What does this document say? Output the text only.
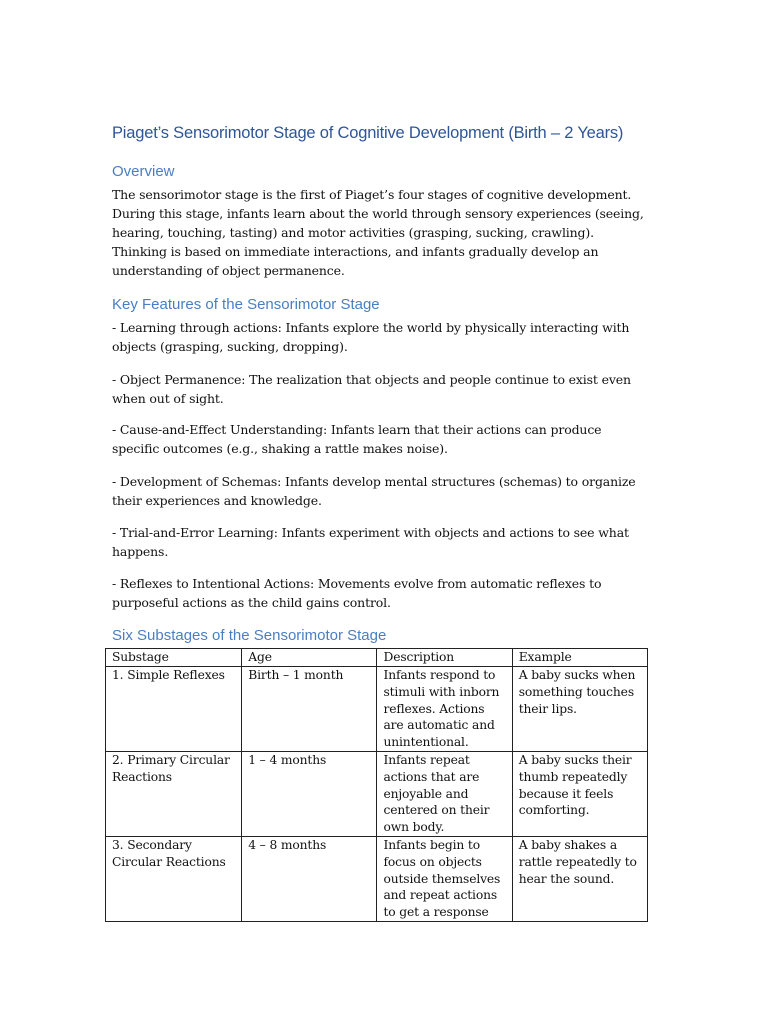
Piaget’s Sensorimotor Stage of Cognitive Development (Birth – 2 Years)
Overview

The sensorimotor stage is the first of Piaget’s four stages of cognitive development. During this stage, infants learn about the world through sensory experiences (seeing, hearing, touching, tasting) and motor activities (grasping, sucking, crawling). Thinking is based on immediate interactions, and infants gradually develop an understanding of object permanence.

Key Features of the Sensorimotor Stage

- Learning through actions: Infants explore the world by physically interacting with objects (grasping, sucking, dropping).

- Object Permanence: The realization that objects and people continue to exist even when out of sight.

- Cause-and-Effect Understanding: Infants learn that their actions can produce specific outcomes (e.g., shaking a rattle makes noise).

- Development of Schemas: Infants develop mental structures (schemas) to organize their experiences and knowledge.

- Trial-and-Error Learning: Infants experiment with objects and actions to see what happens.

- Reflexes to Intentional Actions: Movements evolve from automatic reflexes to purposeful actions as the child gains control.

Six Substages of the Sensorimotor Stage
Substage	Age	Description	Example
1. Simple Reflexes	Birth – 1 month	Infants respond to stimuli with inborn reflexes. Actions are automatic and unintentional.	A baby sucks when something touches their lips.
2. Primary Circular Reactions	1 – 4 months	Infants repeat actions that are enjoyable and centered on their own body.	A baby sucks their thumb repeatedly because it feels comforting.
3. Secondary Circular Reactions	4 – 8 months	Infants begin to focus on objects outside themselves and repeat actions to get a response	A baby shakes a rattle repeatedly to hear the sound.
